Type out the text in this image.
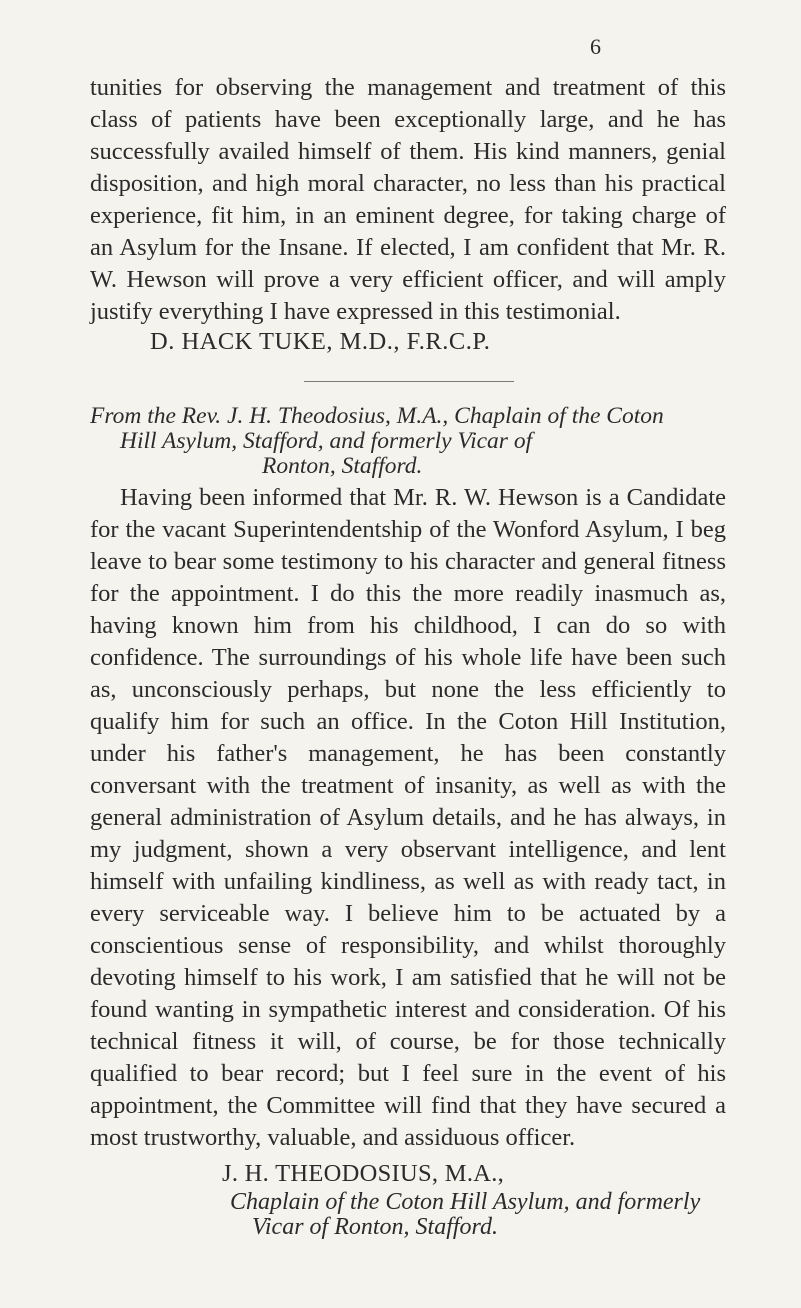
6
tunities for observing the management and treatment of this class of patients have been exceptionally large, and he has successfully availed himself of them. His kind manners, genial disposition, and high moral character, no less than his practical experience, fit him, in an eminent degree, for taking charge of an Asylum for the Insane. If elected, I am confident that Mr. R. W. Hewson will prove a very efficient officer, and will amply justify everything I have expressed in this testimonial.
D. HACK TUKE, M.D., F.R.C.P.
From the Rev. J. H. Theodosius, M.A., Chaplain of the Coton
Hill Asylum, Stafford, and formerly Vicar of
Ronton, Stafford.
Having been informed that Mr. R. W. Hewson is a Candidate for the vacant Superintendentship of the Wonford Asylum, I beg leave to bear some testimony to his character and general fitness for the appointment. I do this the more readily inasmuch as, having known him from his childhood, I can do so with confidence. The surroundings of his whole life have been such as, unconsciously perhaps, but none the less efficiently to qualify him for such an office. In the Coton Hill Institution, under his father's management, he has been constantly conversant with the treatment of insanity, as well as with the general administration of Asylum details, and he has always, in my judgment, shown a very observant intelligence, and lent himself with unfailing kindliness, as well as with ready tact, in every serviceable way. I believe him to be actuated by a conscientious sense of responsibility, and whilst thoroughly devoting himself to his work, I am satisfied that he will not be found wanting in sympathetic interest and consideration. Of his technical fitness it will, of course, be for those technically qualified to bear record; but I feel sure in the event of his appointment, the Committee will find that they have secured a most trustworthy, valuable, and assiduous officer.
J. H. THEODOSIUS, M.A.,
Chaplain of the Coton Hill Asylum, and formerly
Vicar of Ronton, Stafford.
